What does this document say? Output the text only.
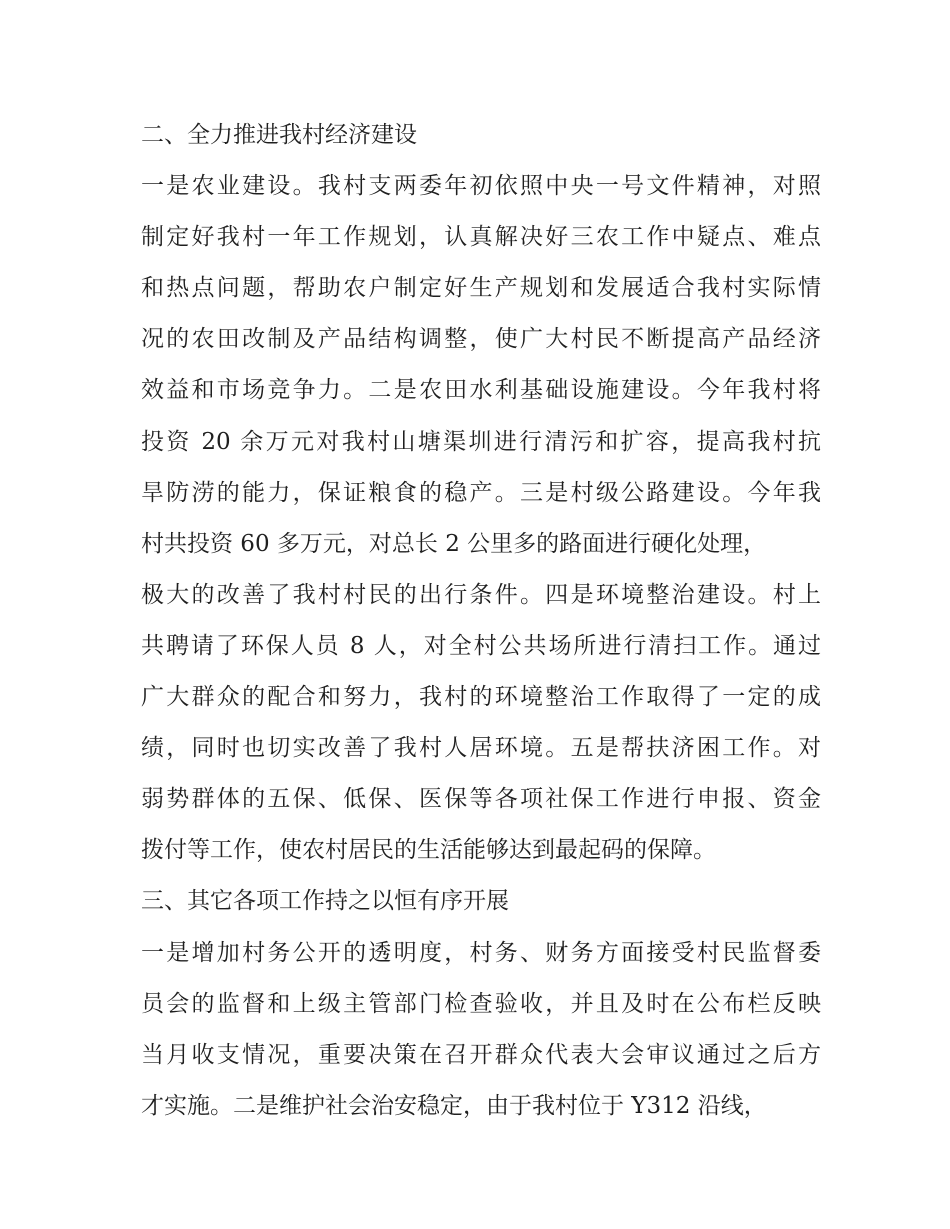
二、全力推进我村经济建设
一是农业建设。我村支两委年初依照中央一号文件精神，对照
制定好我村一年工作规划，认真解决好三农工作中疑点、难点
和热点问题，帮助农户制定好生产规划和发展适合我村实际情
况的农田改制及产品结构调整，使广大村民不断提高产品经济
效益和市场竞争力。二是农田水利基础设施建设。今年我村将
投资 20 余万元对我村山塘渠圳进行清污和扩容，提高我村抗
旱防涝的能力，保证粮食的稳产。三是村级公路建设。今年我
村共投资 60 多万元，对总长 2 公里多的路面进行硬化处理，
极大的改善了我村村民的出行条件。四是环境整治建设。村上
共聘请了环保人员 8 人，对全村公共场所进行清扫工作。通过
广大群众的配合和努力，我村的环境整治工作取得了一定的成
绩，同时也切实改善了我村人居环境。五是帮扶济困工作。对
弱势群体的五保、低保、医保等各项社保工作进行申报、资金
拨付等工作，使农村居民的生活能够达到最起码的保障。
三、其它各项工作持之以恒有序开展
一是增加村务公开的透明度，村务、财务方面接受村民监督委
员会的监督和上级主管部门检查验收，并且及时在公布栏反映
当月收支情况，重要决策在召开群众代表大会审议通过之后方
才实施。二是维护社会治安稳定，由于我村位于 Y312 沿线，
